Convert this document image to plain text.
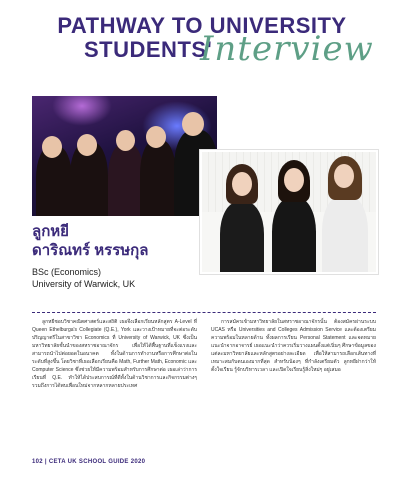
PATHWAY TO UNIVERSITY
STUDENTS'
Interview
ลูกหยี
ดาริณทร์ หรรษกุล
BSc (Economics)
University of Warwick, UK

ลูกหยีชอบวิชาคณิตศาสตร์และสถิติ เธอจึงเลือกเรียนหลักสูตร A-Level ที่ Queen Ethelburga's Collegiate (Q.E.), York และวางเป้าหมายที่จะต่อระดับปริญญาตรีในสาขาวิชา Economics ที่ University of Warwick, UK ซึ่งเป็นมหาวิทยาลัยชั้นนำของสหราชอาณาจักร เพื่อให้ได้พื้นฐานที่แข็งแรงและสามารถนำไปต่อยอดในอนาคต ทั้งในด้านการทำงานหรือการศึกษาต่อในระดับที่สูงขึ้น โดยวิชาที่เธอเลือกเรียนคือ Math, Further Math, Economic และ Computer Science ซึ่งช่วยให้มีความพร้อมสำหรับการศึกษาต่อ เธอเล่าว่าการเรียนที่ Q.E. ทำให้ได้ประสบการณ์ที่ดีทั้งในด้านวิชาการและกิจกรรมต่างๆ รวมถึงการได้พบเพื่อนใหม่จากหลากหลายประเทศ

การสมัครเข้ามหาวิทยาลัยในสหราชอาณาจักรนั้น ต้องสมัครผ่านระบบ UCAS หรือ Universities and Colleges Admission Service และต้องเตรียมความพร้อมในหลายด้าน ทั้งผลการเรียน Personal Statement และจดหมายแนะนำจากอาจารย์ เธอแนะนำว่าควรเริ่มวางแผนตั้งแต่เนิ่นๆ ศึกษาข้อมูลของแต่ละมหาวิทยาลัยและหลักสูตรอย่างละเอียด เพื่อให้สามารถเลือกเส้นทางที่เหมาะสมกับตนเองมากที่สุด สำหรับน้องๆ ที่กำลังเตรียมตัว ลูกหยีฝากว่าให้ตั้งใจเรียน รู้จักบริหารเวลา และเปิดใจเรียนรู้สิ่งใหม่ๆ อยู่เสมอ

102 | CETA UK SCHOOL GUIDE 2020
